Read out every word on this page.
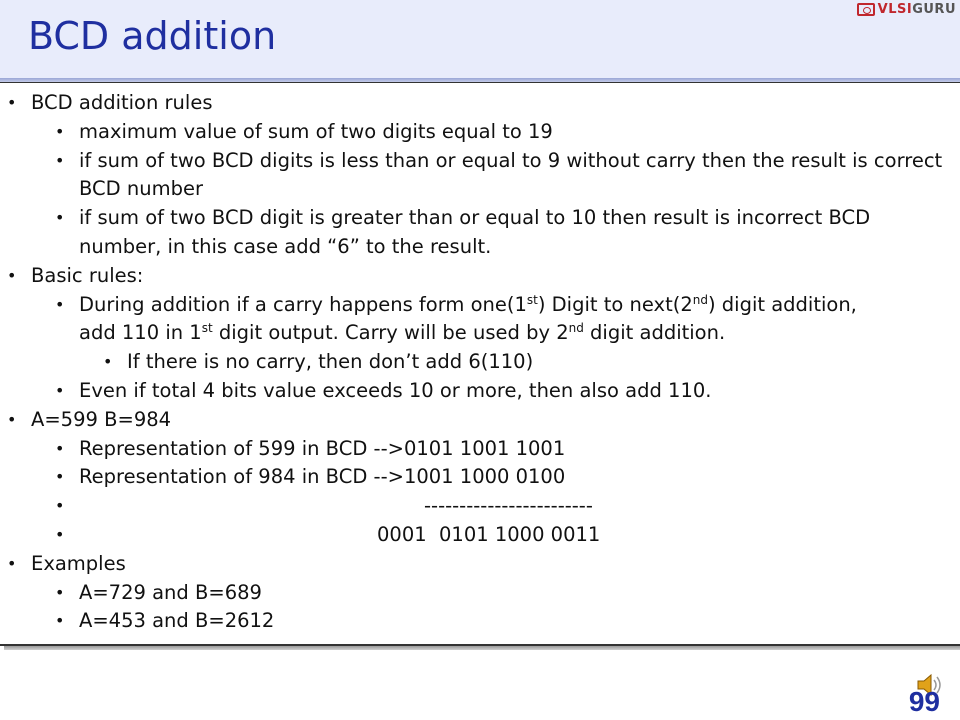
BCD addition
VLSIGURU
• BCD addition rules
• maximum value of sum of two digits equal to 19
• if sum of two BCD digits is less than or equal to 9 without carry then the result is correct BCD number
• if sum of two BCD digit is greater than or equal to 10 then result is incorrect BCD number, in this case add “6” to the result.
• Basic rules:
• During addition if a carry happens form one(1st) Digit to next(2nd) digit addition,
add 110 in 1st digit output. Carry will be used by 2nd digit addition.
• If there is no carry, then don’t add 6(110)
• Even if total 4 bits value exceeds 10 or more, then also add 110.
• A=599 B=984
• Representation of 599 in BCD -->0101 1001 1001
• Representation of 984 in BCD -->1001 1000 0100
•	------------------------
•	0001  0101 1000 0011
• Examples
• A=729 and B=689
• A=453 and B=2612
99
